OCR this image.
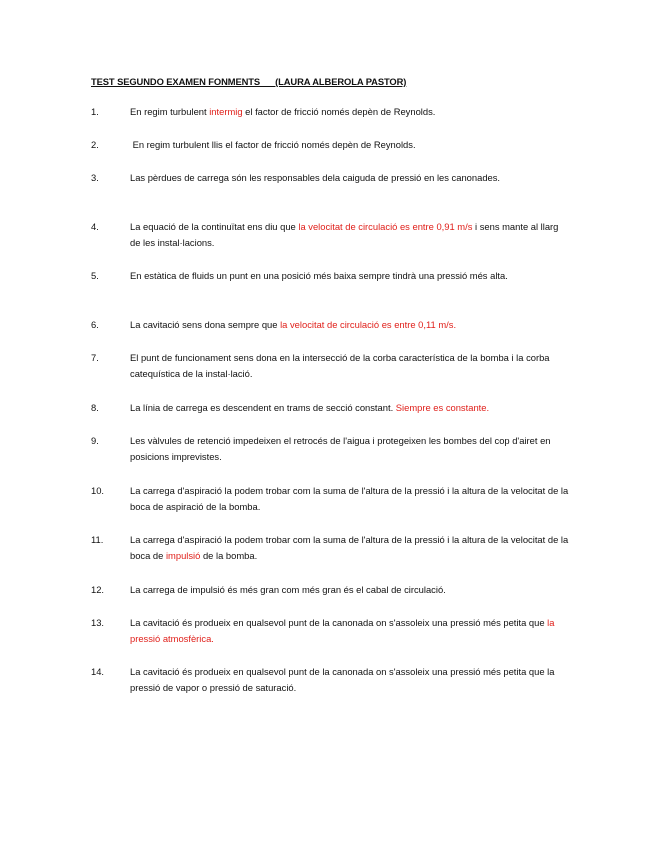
TEST SEGUNDO EXAMEN FONMENTS      (LAURA ALBEROLA PASTOR)
1.	En regim turbulent intermig el factor de fricció només depèn de Reynolds.
2.	En regim turbulent llis el factor de fricció només depèn de Reynolds.
3.	Las pèrdues de carrega són les responsables dela caiguda de pressió en les canonades.
4.	La equació de la continuïtat ens diu que la velocitat de circulació es entre 0,91 m/s i sens mante al llarg de les instal·lacions.
5.	En estàtica de fluids un punt en una posició més baixa sempre tindrà una pressió més alta.
6.	La cavitació sens dona sempre que la velocitat de circulació es entre 0,11 m/s.
7.	El punt de funcionament sens dona en la intersecció de la corba característica de la bomba i la corba catequística de la instal·lació.
8.	La línia de carrega es descendent en trams de secció constant. Siempre es constante.
9.	Les vàlvules de retenció impedeixen el retrocés de l'aigua i protegeixen les bombes del cop d'airet en posicions imprevistes.
10.	La carrega d'aspiració la podem trobar com la suma de l'altura de la pressió i la altura de la velocitat de la boca de aspiració de la bomba.
11.	La carrega d'aspiració la podem trobar com la suma de l'altura de la pressió i la altura de la velocitat de la boca de impulsió de la bomba.
12.	La carrega de impulsió és més gran com més gran és el cabal de circulació.
13.	La cavitació és produeix en qualsevol punt de la canonada on s'assoleix una pressió més petita que la pressió atmosfèrica.
14.	La cavitació és produeix en qualsevol punt de la canonada on s'assoleix una pressió més petita que la pressió de vapor o pressió de saturació.
